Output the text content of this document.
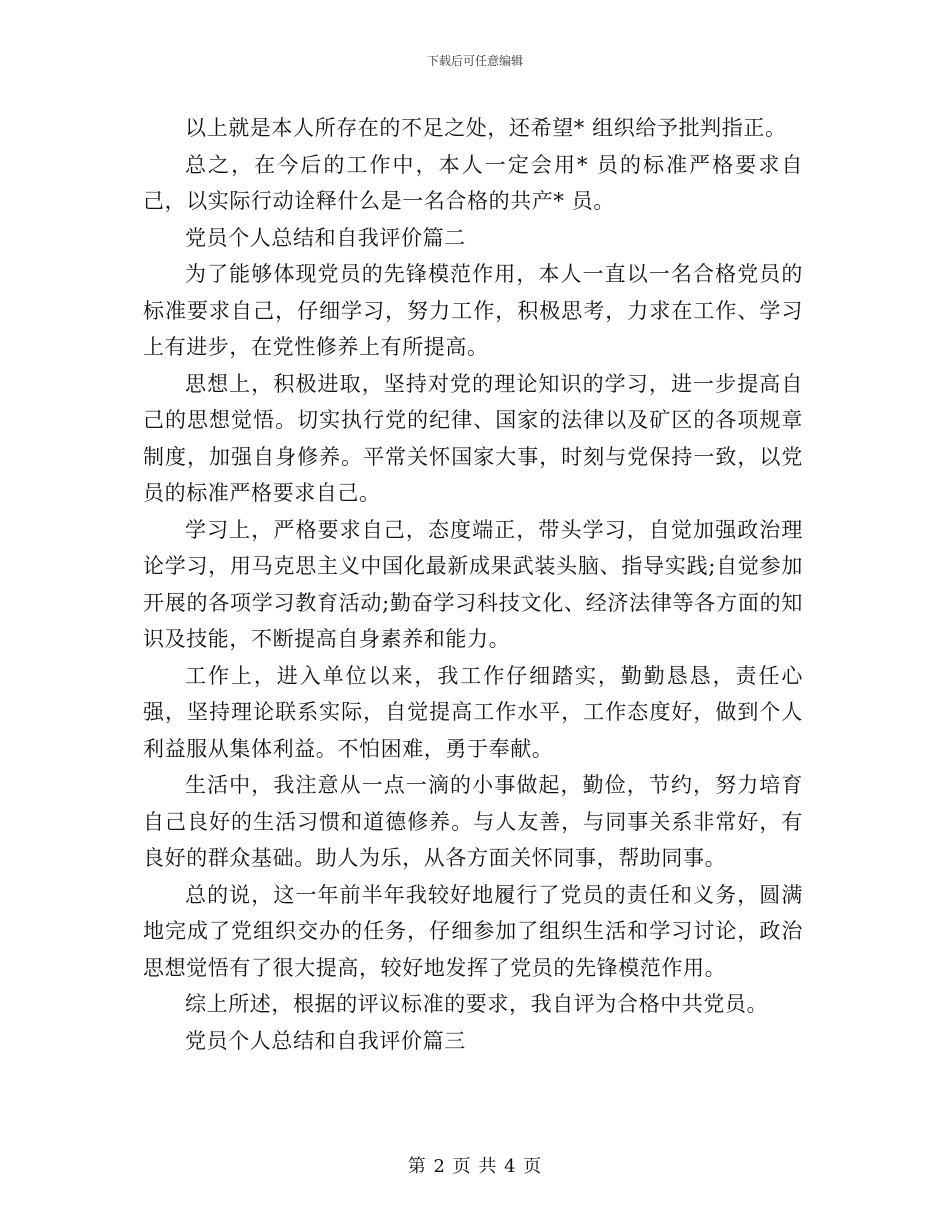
下载后可任意编辑

以上就是本人所存在的不足之处，还希望* 组织给予批判指正。

总之，在今后的工作中，本人一定会用* 员的标准严格要求自己，以实际行动诠释什么是一名合格的共产* 员。

党员个人总结和自我评价篇二

为了能够体现党员的先锋模范作用，本人一直以一名合格党员的标准要求自己，仔细学习，努力工作，积极思考，力求在工作、学习上有进步，在党性修养上有所提高。

思想上，积极进取，坚持对党的理论知识的学习，进一步提高自己的思想觉悟。切实执行党的纪律、国家的法律以及矿区的各项规章制度，加强自身修养。平常关怀国家大事，时刻与党保持一致，以党员的标准严格要求自己。

学习上，严格要求自己，态度端正，带头学习，自觉加强政治理论学习，用马克思主义中国化最新成果武装头脑、指导实践;自觉参加开展的各项学习教育活动;勤奋学习科技文化、经济法律等各方面的知识及技能，不断提高自身素养和能力。

工作上，进入单位以来，我工作仔细踏实，勤勤恳恳，责任心强，坚持理论联系实际，自觉提高工作水平，工作态度好，做到个人利益服从集体利益。不怕困难，勇于奉献。

生活中，我注意从一点一滴的小事做起，勤俭，节约，努力培育自己良好的生活习惯和道德修养。与人友善，与同事关系非常好，有良好的群众基础。助人为乐，从各方面关怀同事，帮助同事。

总的说，这一年前半年我较好地履行了党员的责任和义务，圆满地完成了党组织交办的任务，仔细参加了组织生活和学习讨论，政治思想觉悟有了很大提高，较好地发挥了党员的先锋模范作用。

综上所述，根据的评议标准的要求，我自评为合格中共党员。

党员个人总结和自我评价篇三

第 2 页 共 4 页
